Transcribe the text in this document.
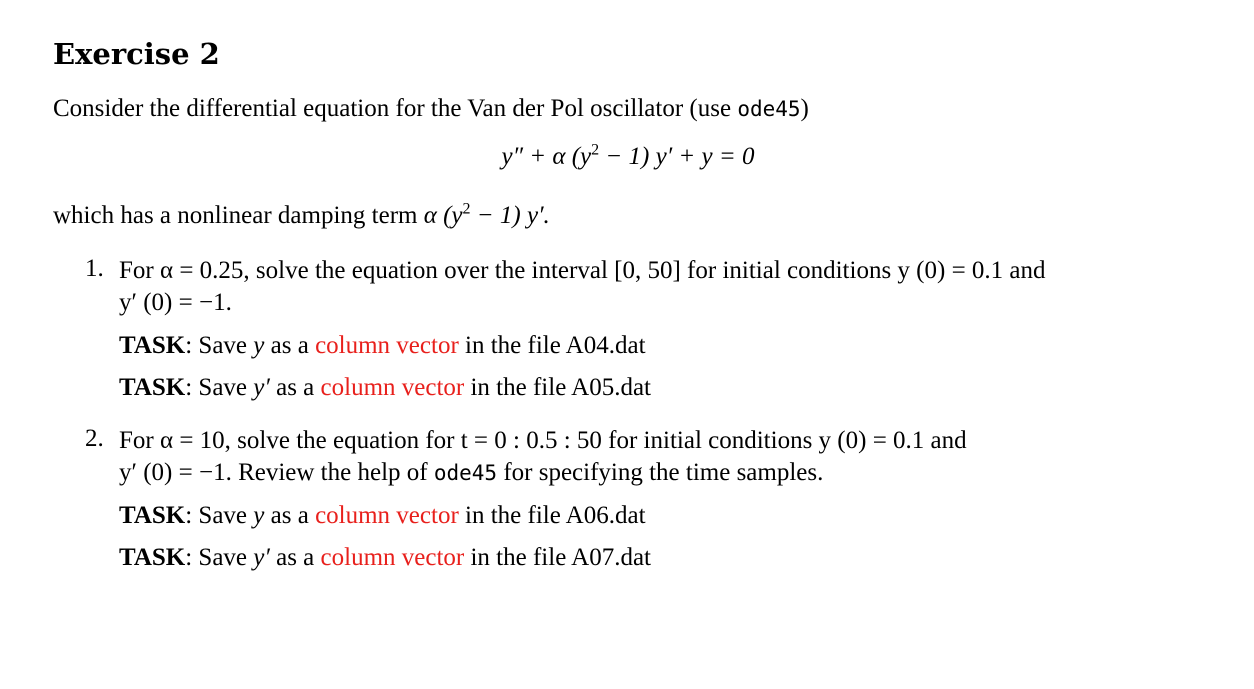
Exercise 2
Consider the differential equation for the Van der Pol oscillator (use ode45)
y″ + α $(y^2 - 1) y' + y = 0$
which has a nonlinear damping term α $(y^2 - 1)$ y′.
1. For α = 0.25, solve the equation over the interval [0, 50] for initial conditions y (0) = 0.1 and
y′ (0) = −1.
TASK: Save y as a column vector in the file A04.dat
TASK: Save y′ as a column vector in the file A05.dat
2. For α = 10, solve the equation for t = 0 : 0.5 : 50 for initial conditions y (0) = 0.1 and
y′ (0) = −1. Review the help of ode45 for specifying the time samples.
TASK: Save y as a column vector in the file A06.dat
TASK: Save y′ as a column vector in the file A07.dat
